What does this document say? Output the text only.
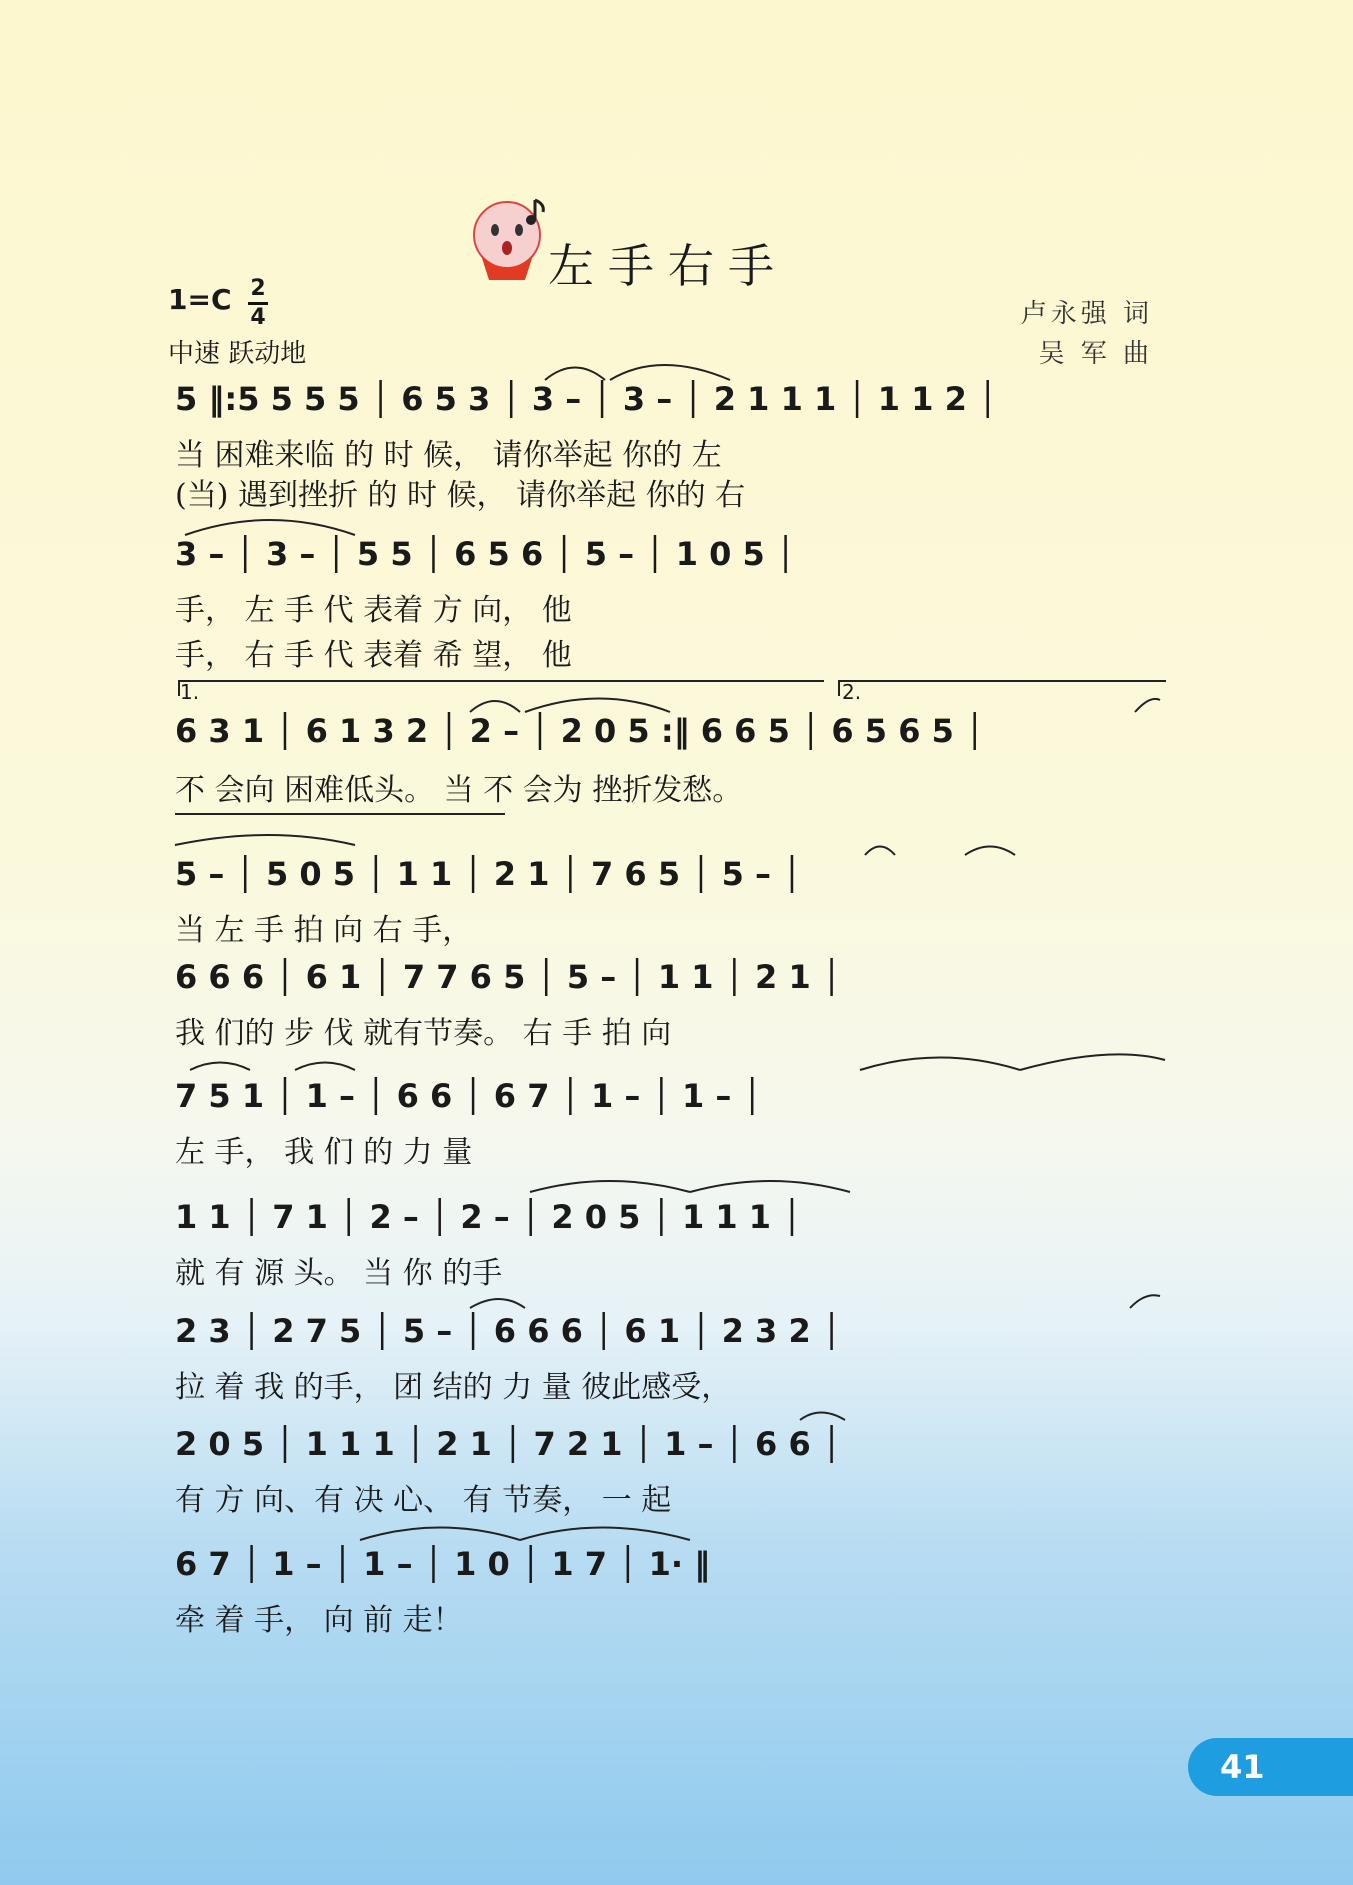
左手右手
1=C 2
4
中速 跃动地
卢永强 词
吴 军 曲
5 ‖:5 5 5 5 │ 6 5 3 │ 3 – │ 3 – │ 2 1 1 1 │ 1 1 2 │
当 困难来临 的 时 候， 请你举起 你的 左
(当) 遇到挫折 的 时 候， 请你举起 你的 右
3 – │ 3 – │ 5 5 │ 6 5 6 │ 5 – │ 1 0 5 │
手， 左 手 代 表着 方 向， 他
手， 右 手 代 表着 希 望， 他
1.	2.
6 3 1 │ 6 1 3 2 │ 2 – │ 2 0 5 :‖ 6 6 5 │ 6 5 6 5 │
不 会向 困难低头。 当 不 会为 挫折发愁。
5 – │ 5 0 5 │ 1 1 │ 2 1 │ 7 6 5 │ 5 – │
当 左 手 拍 向 右 手，
6 6 6 │ 6 1 │ 7 7 6 5 │ 5 – │ 1 1 │ 2 1 │
我 们的 步 伐 就有节奏。 右 手 拍 向
7 5 1 │ 1 – │ 6 6 │ 6 7 │ 1 – │ 1 – │
左 手， 我 们 的 力 量
1 1 │ 7 1 │ 2 – │ 2 – │ 2 0 5 │ 1 1 1 │
就 有 源 头。 当 你 的手
2 3 │ 2 7 5 │ 5 – │ 6 6 6 │ 6 1 │ 2 3 2 │
拉 着 我 的手， 团 结的 力 量 彼此感受，
2 0 5 │ 1 1 1 │ 2 1 │ 7 2 1 │ 1 – │ 6 6 │
有 方 向、有 决 心、 有 节奏， 一 起
6 7 │ 1 – │ 1 – │ 1 0 │ 1 7 │ 1· ‖
牵 着 手， 向 前 走！
41
